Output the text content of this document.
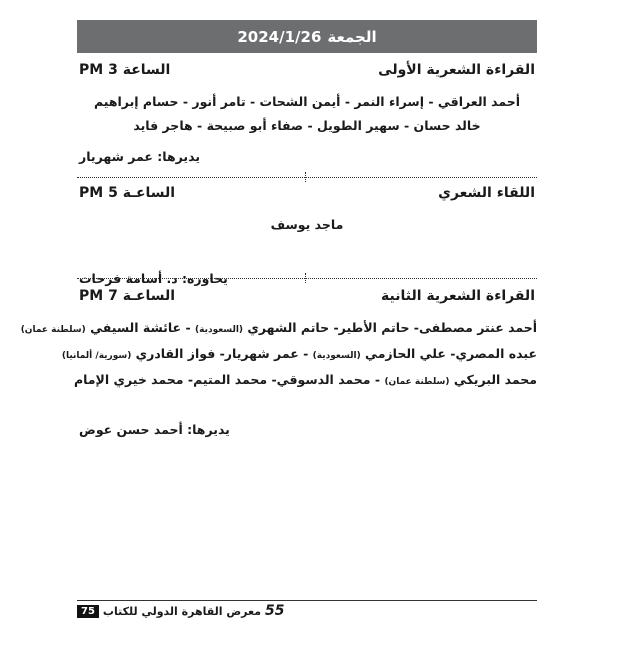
الجمعة
2024/1/26
القراءة الشعرية الأولى
الساعة 3 PM
أحمد العراقي - إسراء النمر - أيمن الشحات - تامر أنور - حسام إبراهيم
خالد حسان - سهير الطويل - صفاء أبو صبيحة - هاجر فايد
يديرها: عمر شهريار
اللقاء الشعري
الساعـة 5 PM
ماجد يوسف
يحاوره: د. أسامة فرحات
القراءة الشعرية الثانية
الساعـة 7 PM
أحمد عنتر مصطفى- حاتم الأطير- حاتم الشهري (السعودية) - عائشة السيفي (سلطنة عمان)
عبده المصري- علي الحازمي (السعودية) - عمر شهريار- فواز القادري (سورية/ ألمانيا)
محمد البريكي (سلطنة عمان) - محمد الدسوقي- محمد المتيم- محمد خيري الإمام
يديرها: أحمد حسن عوض
75 معرض القاهرة الدولي للكتاب 55
